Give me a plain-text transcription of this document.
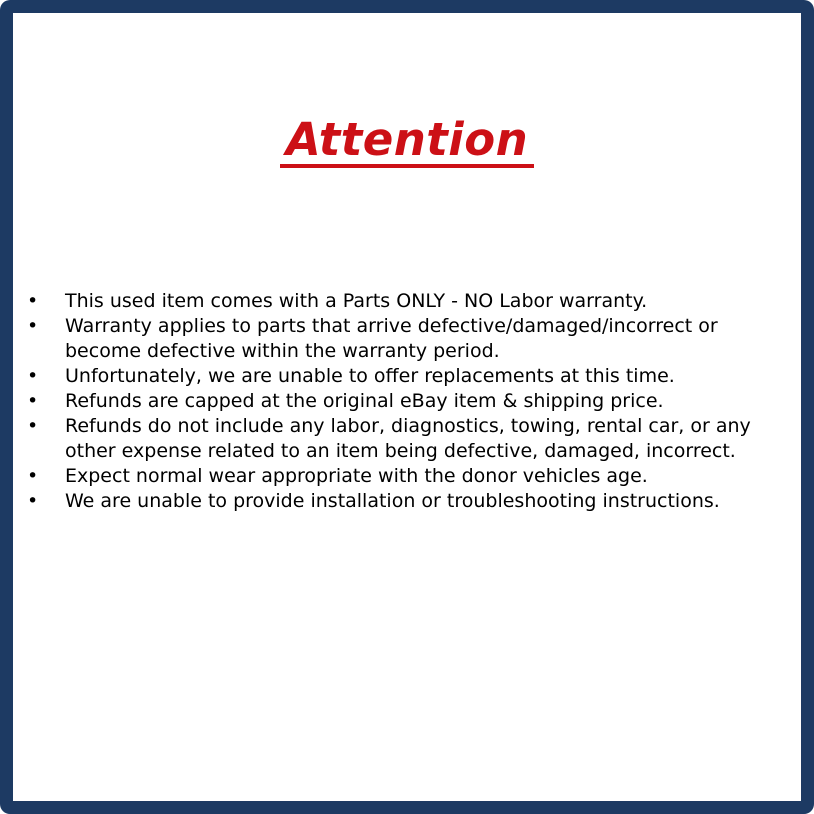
Attention
•	This used item comes with a Parts ONLY - NO Labor warranty.
•	Warranty applies to parts that arrive defective/damaged/incorrect or become defective within the warranty period.
•	Unfortunately, we are unable to offer replacements at this time.
•	Refunds are capped at the original eBay item & shipping price.
•	Refunds do not include any labor, diagnostics, towing, rental car, or any other expense related to an item being defective, damaged, incorrect.
•	Expect normal wear appropriate with the donor vehicles age.
•	We are unable to provide installation or troubleshooting instructions.
